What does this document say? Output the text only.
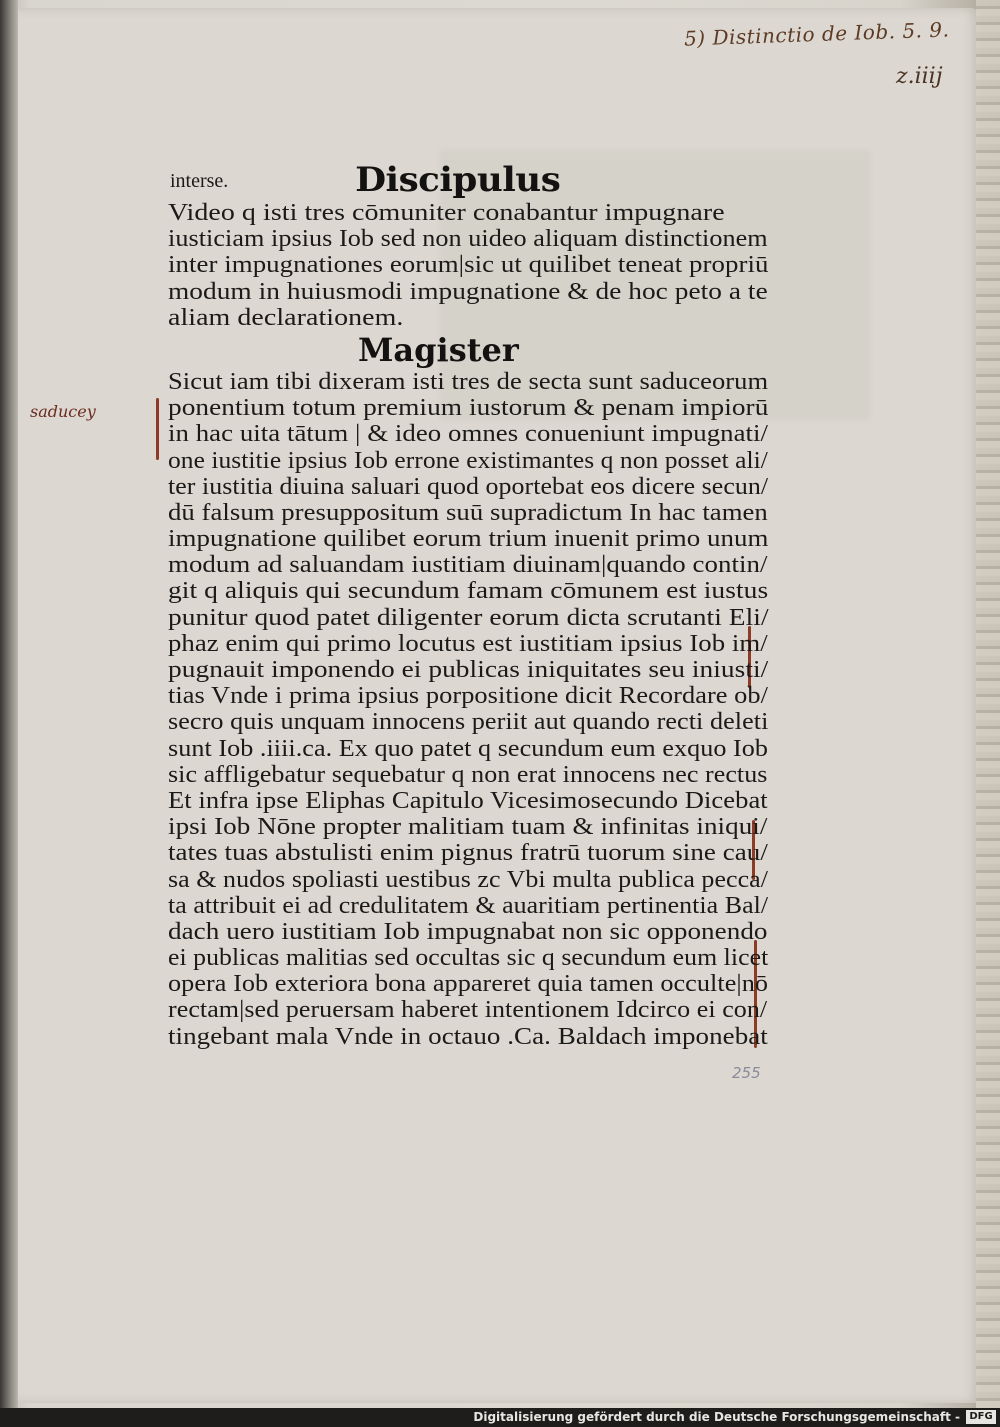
5) Distinctio de Iob. 5. 9.
z.iiij
saducey
255
interse.	Discipulus
Video q isti tres cōmuniter conabantur impugnare
iusticiam ipsius Iob sed non uideo aliquam distinctionem
inter impugnationes eorum|sic ut quilibet teneat propriū
modum in huiusmodi impugnatione & de hoc peto a te
aliam declarationem.
Magister
Sicut iam tibi dixeram isti tres de secta sunt saduceorum
ponentium totum premium iustorum & penam impiorū
in hac uita tātum | & ideo omnes conueniunt impugnati/
one iustitie ipsius Iob errone existimantes q non posset ali/
ter iustitia diuina saluari quod oportebat eos dicere secun/
dū falsum presuppositum suū supradictum In hac tamen
impugnatione quilibet eorum trium inuenit primo unum
modum ad saluandam iustitiam diuinam|quando contin/
git q aliquis qui secundum famam cōmunem est iustus
punitur quod patet diligenter eorum dicta scrutanti Eli/
phaz enim qui primo locutus est iustitiam ipsius Iob im/
pugnauit imponendo ei publicas iniquitates seu iniusti/
tias Vnde i prima ipsius porpositione dicit Recordare ob/
secro quis unquam innocens periit aut quando recti deleti
sunt Iob .iiii.ca. Ex quo patet q secundum eum exquo Iob
sic affligebatur sequebatur q non erat innocens nec rectus
Et infra ipse Eliphas Capitulo Vicesimosecundo Dicebat
ipsi Iob Nōne propter malitiam tuam & infinitas iniqui/
tates tuas abstulisti enim pignus fratrū tuorum sine cau/
sa & nudos spoliasti uestibus zc Vbi multa publica pecca/
ta attribuit ei ad credulitatem & auaritiam pertinentia Bal/
dach uero iustitiam Iob impugnabat non sic opponendo
ei publicas malitias sed occultas sic q secundum eum licet
opera Iob exteriora bona appareret quia tamen occulte|nō
rectam|sed peruersam haberet intentionem Idcirco ei con/
tingebant mala Vnde in octauo .Ca. Baldach imponebat
Digitalisierung gefördert durch die Deutsche Forschungsgemeinschaft - DFG
